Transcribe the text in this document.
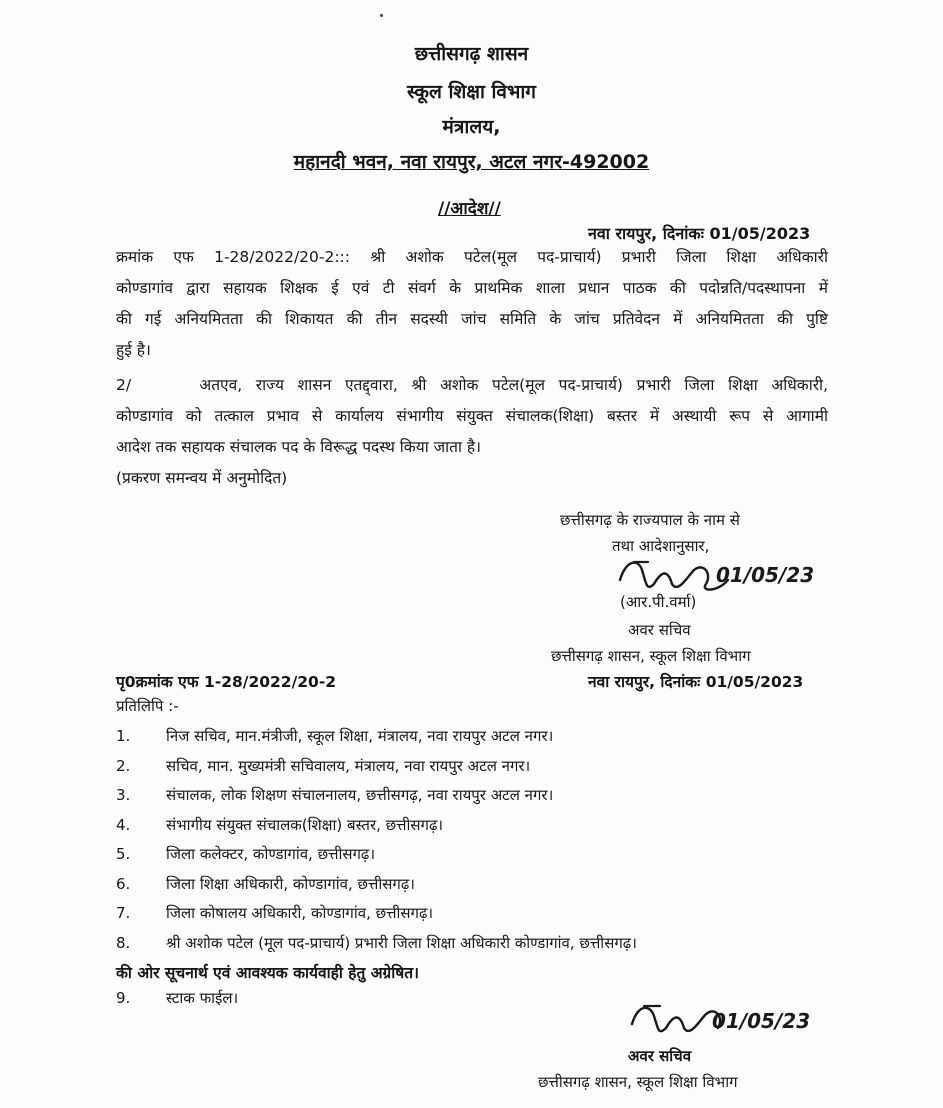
छत्तीसगढ़ शासन
स्कूल शिक्षा विभाग
मंत्रालय,
महानदी भवन, नवा रायपुर, अटल नगर-492002
//आदेश//
नवा रायपुर, दिनांकः 01/05/2023
क्रमांक एफ 1-28/2022/20-2::: श्री अशोक पटेल(मूल पद-प्राचार्य) प्रभारी जिला शिक्षा अधिकारी
कोण्डागांव द्वारा सहायक शिक्षक ई एवं टी संवर्ग के प्राथमिक शाला प्रधान पाठक की पदोन्नति/पदस्थापना में
की गई अनियमितता की शिकायत की तीन सदस्यी जांच समिति के जांच प्रतिवेदन में अनियमितता की पुष्टि
हुई है।
2/     अतएव, राज्य शासन एतद्द्वारा, श्री अशोक पटेल(मूल पद-प्राचार्य) प्रभारी जिला शिक्षा अधिकारी,
कोण्डागांव को तत्काल प्रभाव से कार्यालय संभागीय संयुक्त संचालक(शिक्षा) बस्तर में अस्थायी रूप से आगामी
आदेश तक सहायक संचालक पद के विरूद्ध पदस्थ किया जाता है।
(प्रकरण समन्वय में अनुमोदित)
छत्तीसगढ़ के राज्यपाल के नाम से
तथा आदेशानुसार,
01/05/23
(आर.पी.वर्मा)
अवर सचिव
छत्तीसगढ़ शासन, स्कूल शिक्षा विभाग
पृ0क्रमांक एफ 1-28/2022/20-2	नवा रायपुर, दिनांकः 01/05/2023
प्रतिलिपि :-
1. निज सचिव, मान.मंत्रीजी, स्कूल शिक्षा, मंत्रालय, नवा रायपुर अटल नगर।
2. सचिव, मान. मुख्यमंत्री सचिवालय, मंत्रालय, नवा रायपुर अटल नगर।
3. संचालक, लोक शिक्षण संचालनालय, छत्तीसगढ़, नवा रायपुर अटल नगर।
4. संभागीय संयुक्त संचालक(शिक्षा) बस्तर, छत्तीसगढ़।
5. जिला कलेक्टर, कोण्डागांव, छत्तीसगढ़।
6. जिला शिक्षा अधिकारी, कोण्डागांव, छत्तीसगढ़।
7. जिला कोषालय अधिकारी, कोण्डागांव, छत्तीसगढ़।
8. श्री अशोक पटेल (मूल पद-प्राचार्य) प्रभारी जिला शिक्षा अधिकारी कोण्डागांव, छत्तीसगढ़।
की ओर सूचनार्थ एवं आवश्यक कार्यवाही हेतु अग्रेषित।
9. स्टाक फाईल।
01/05/23
अवर सचिव
छत्तीसगढ़ शासन, स्कूल शिक्षा विभाग
